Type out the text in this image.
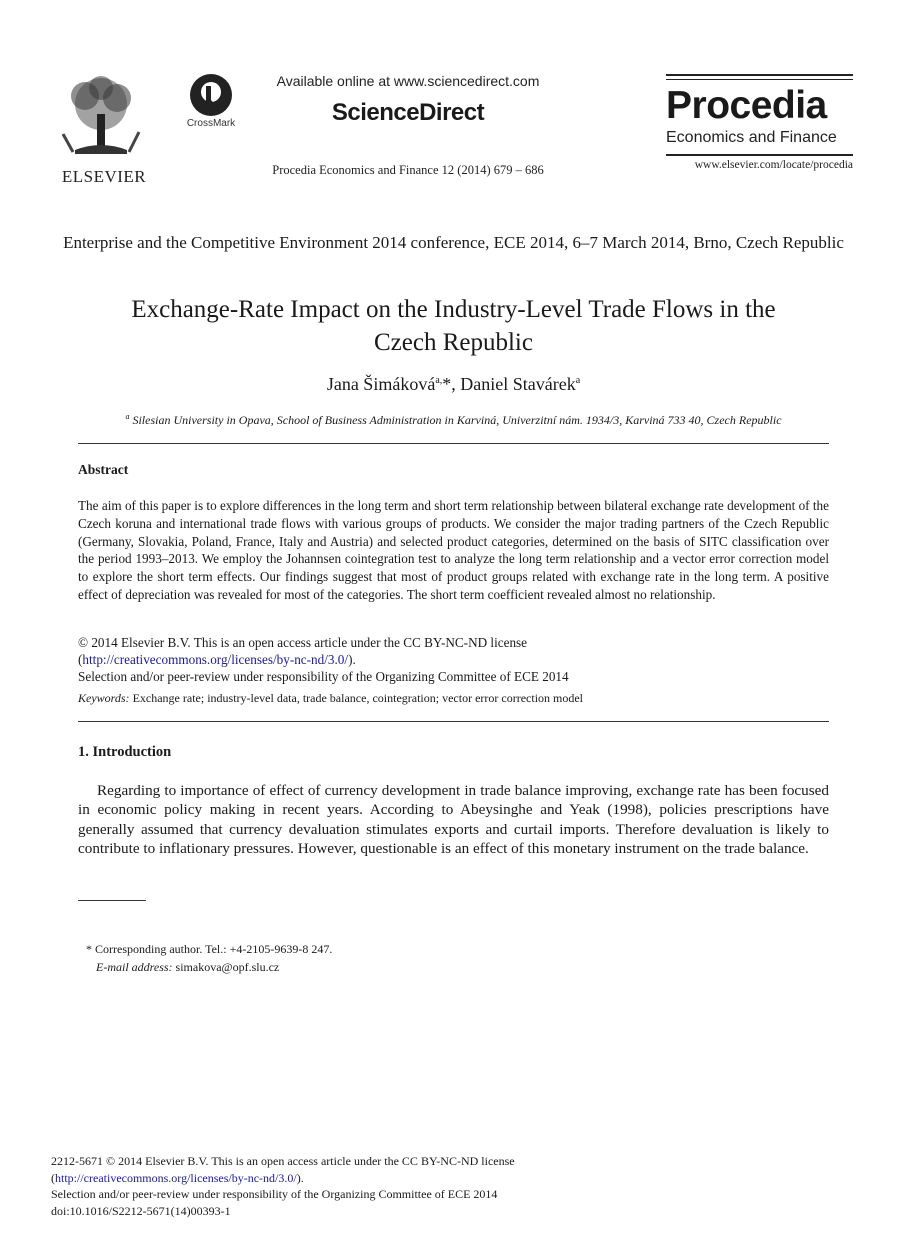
ELSEVIER
CrossMark
Available online at www.sciencedirect.com
ScienceDirect
Procedia Economics and Finance 12 (2014) 679 – 686
Procedia
Economics and Finance
www.elsevier.com/locate/procedia
Enterprise and the Competitive Environment 2014 conference, ECE 2014, 6–7 March 2014, Brno, Czech Republic
Exchange-Rate Impact on the Industry-Level Trade Flows in the
Czech Republic
Jana Šimáková$^{a,}$*, Daniel Stavárek$^a$
$^a$ Silesian University in Opava, School of Business Administration in Karviná, Univerzitní nám. 1934/3, Karviná 733 40, Czech Republic
Abstract
The aim of this paper is to explore differences in the long term and short term relationship between bilateral exchange rate development of the Czech koruna and international trade flows with various groups of products. We consider the major trading partners of the Czech Republic (Germany, Slovakia, Poland, France, Italy and Austria) and selected product categories, determined on the basis of SITC classification over the period 1993–2013. We employ the Johannsen cointegration test to analyze the long term relationship and a vector error correction model to explore the short term effects. Our findings suggest that most of product groups related with exchange rate in the long term. A positive effect of depreciation was revealed for most of the categories. The short term coefficient revealed almost no relationship.
© 2014 Elsevier B.V. This is an open access article under the CC BY-NC-ND license
(http://creativecommons.org/licenses/by-nc-nd/3.0/).
Selection and/or peer-review under responsibility of the Organizing Committee of ECE 2014
Keywords: Exchange rate; industry-level data, trade balance, cointegration; vector error correction model
1. Introduction
Regarding to importance of effect of currency development in trade balance improving, exchange rate has been focused in economic policy making in recent years. According to Abeysinghe and Yeak (1998), policies prescriptions have generally assumed that currency devaluation stimulates exports and curtail imports. Therefore devaluation is likely to contribute to inflationary pressures. However, questionable is an effect of this monetary instrument on the trade balance.
* Corresponding author. Tel.: +4-2105-9639-8 247.
E-mail address: simakova@opf.slu.cz
2212-5671 © 2014 Elsevier B.V. This is an open access article under the CC BY-NC-ND license
(http://creativecommons.org/licenses/by-nc-nd/3.0/).
Selection and/or peer-review under responsibility of the Organizing Committee of ECE 2014
doi:10.1016/S2212-5671(14)00393-1
